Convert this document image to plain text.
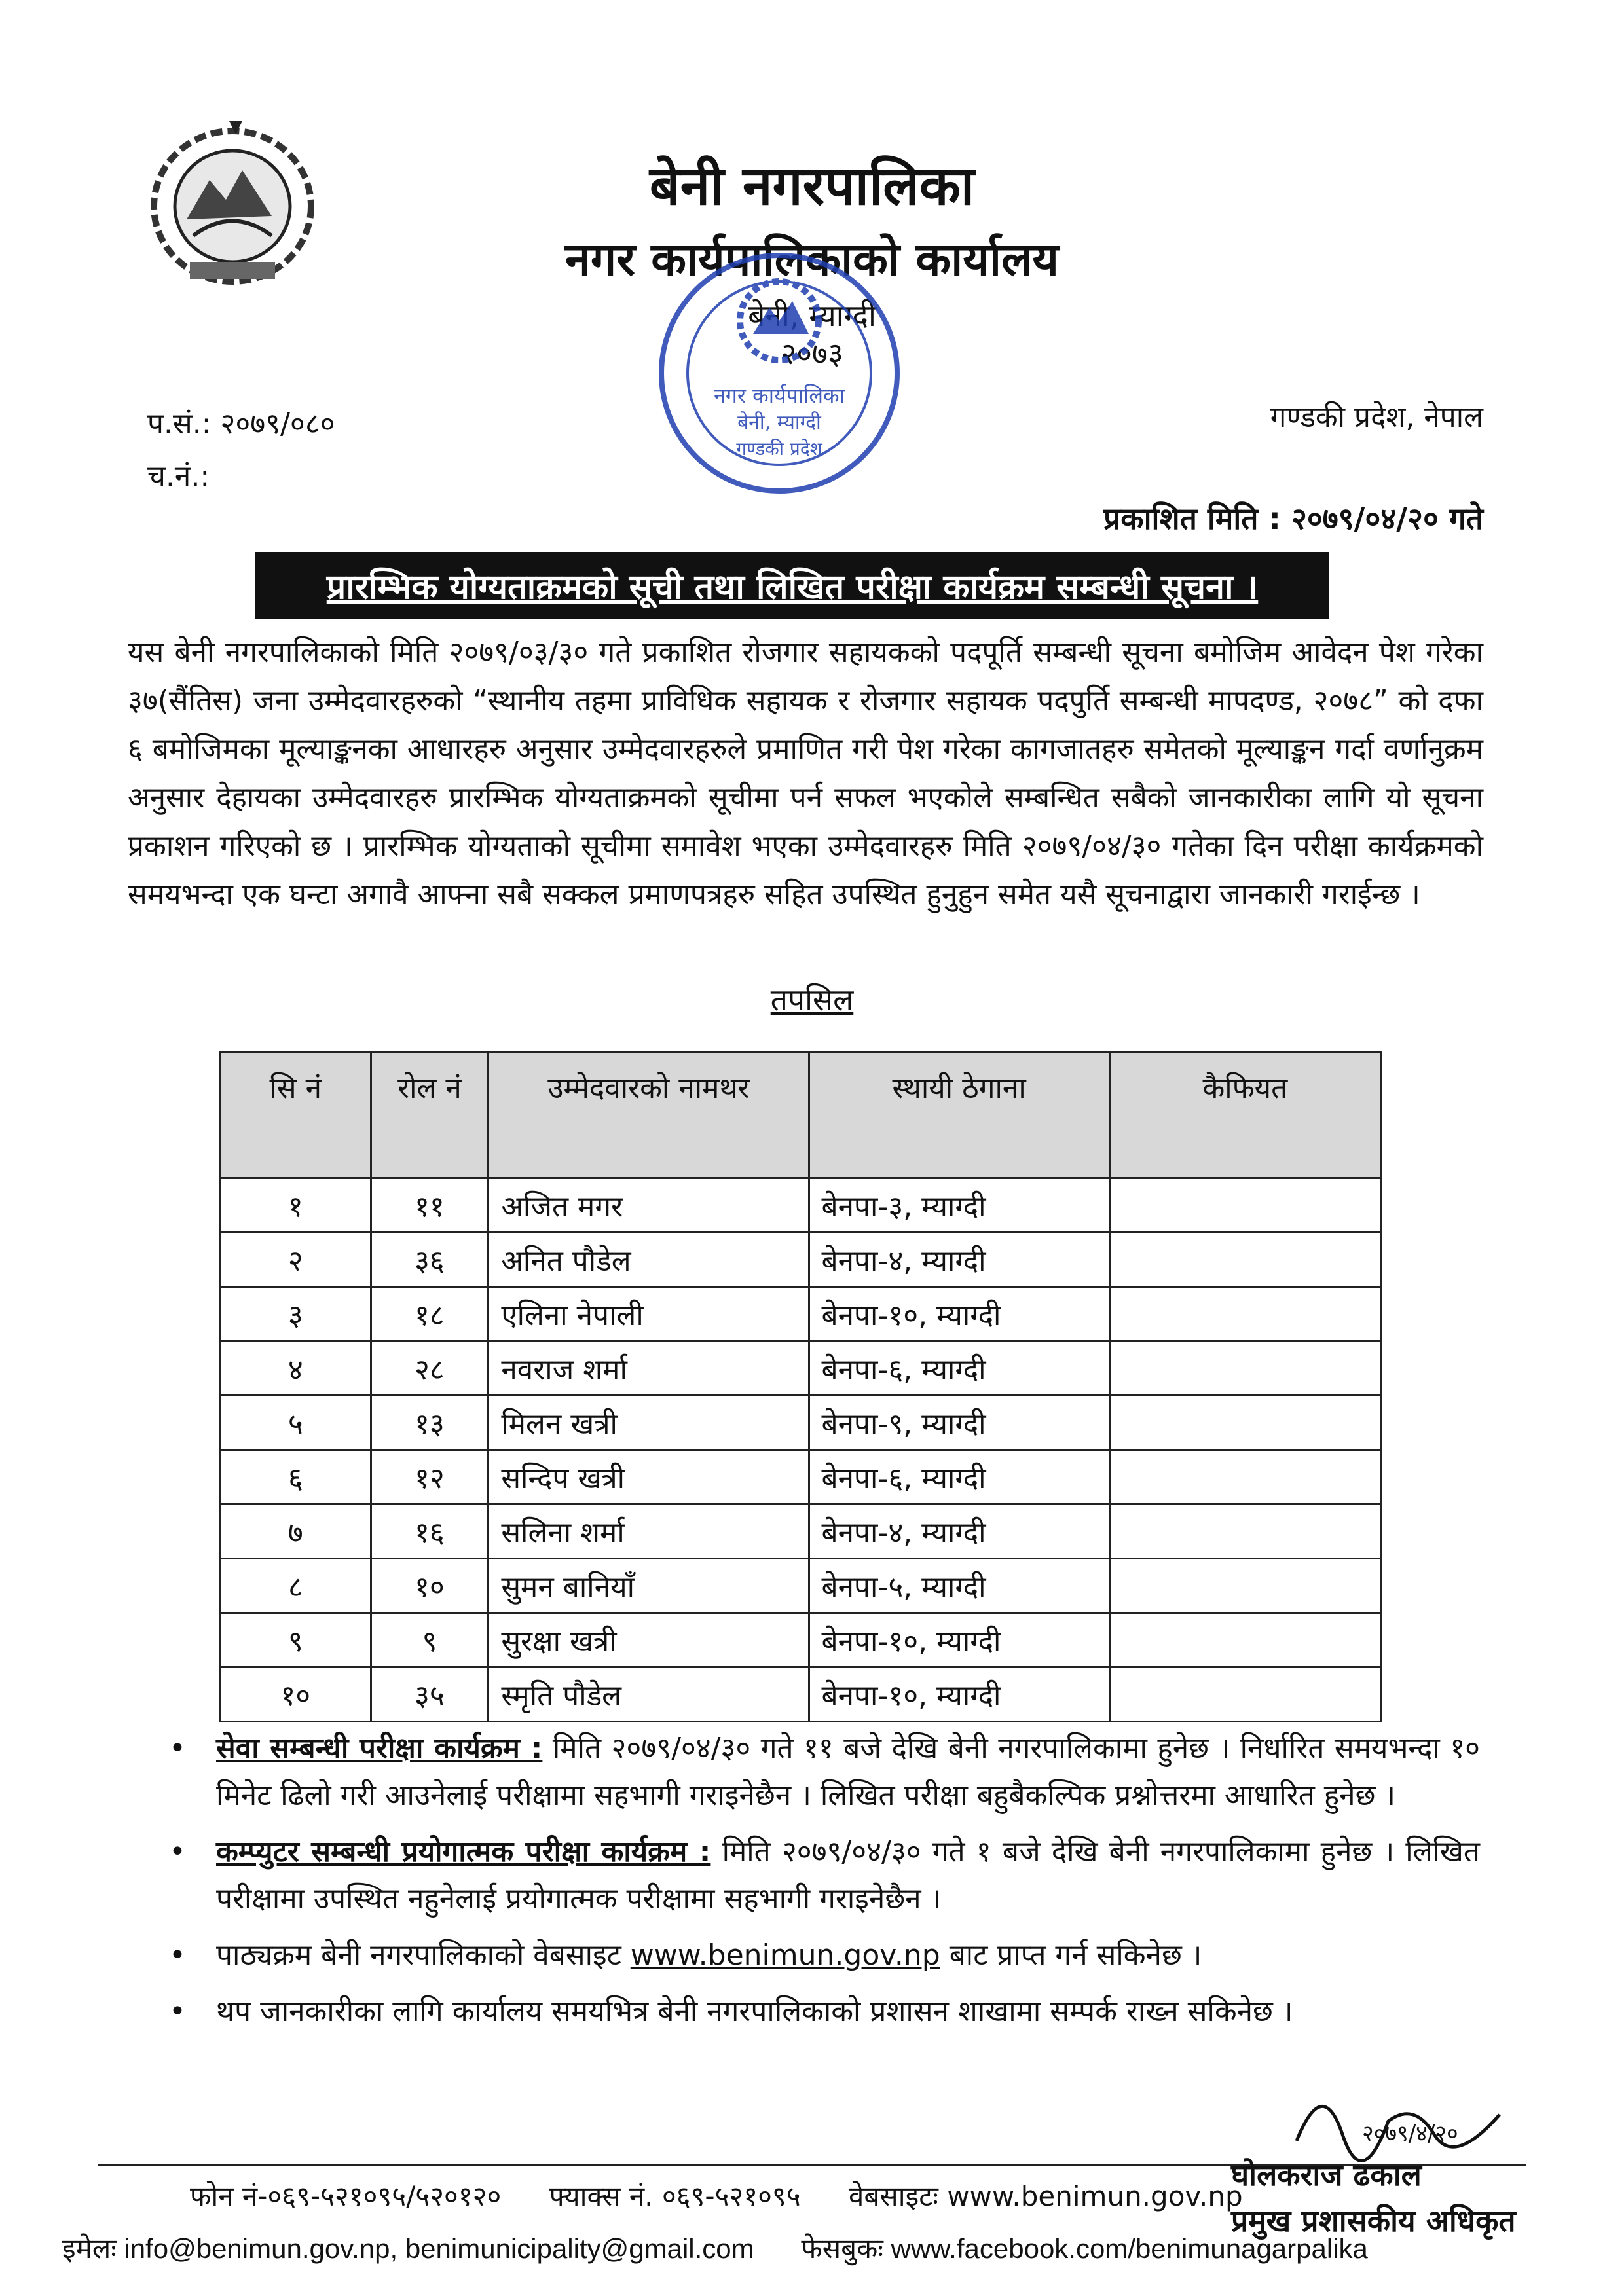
बेनी नगरपालिका
नगर कार्यपालिकाको कार्यालय
बेनी, म्याग्दी
२०७३
नगर कार्यपालिका
बेनी, म्याग्दी
गण्डकी प्रदेश
प.सं.: २०७९/०८०
च.नं.:
गण्डकी प्रदेश, नेपाल
प्रकाशित मिति : २०७९/०४/२० गते
प्रारम्भिक योग्यताक्रमको सूची तथा लिखित परीक्षा कार्यक्रम सम्बन्धी सूचना ।
यस बेनी नगरपालिकाको मिति २०७९/०३/३० गते प्रकाशित रोजगार सहायकको पदपूर्ति सम्बन्धी सूचना बमोजिम आवेदन पेश गरेका ३७(सैंतिस) जना उम्मेदवारहरुको “स्थानीय तहमा प्राविधिक सहायक र रोजगार सहायक पदपुर्ति सम्बन्धी मापदण्ड, २०७८” को दफा ६ बमोजिमका मूल्याङ्कनका आधारहरु अनुसार उम्मेदवारहरुले प्रमाणित गरी पेश गरेका कागजातहरु समेतको मूल्याङ्कन गर्दा वर्णानुक्रम अनुसार देहायका उम्मेदवारहरु प्रारम्भिक योग्यताक्रमको सूचीमा पर्न सफल भएकोले सम्बन्धित सबैको जानकारीका लागि यो सूचना प्रकाशन गरिएको छ । प्रारम्भिक योग्यताको सूचीमा समावेश भएका उम्मेदवारहरु मिति २०७९/०४/३० गतेका दिन परीक्षा कार्यक्रमको समयभन्दा एक घन्टा अगावै आफ्ना सबै सक्कल प्रमाणपत्रहरु सहित उपस्थित हुनुहुन समेत यसै सूचनाद्वारा जानकारी गराईन्छ ।
तपसिल
सि नं	रोल नं	उम्मेदवारको नामथर	स्थायी ठेगाना	कैफियत
१	११	अजित मगर	बेनपा-३, म्याग्दी	
२	३६	अनित पौडेल	बेनपा-४, म्याग्दी	
३	१८	एलिना नेपाली	बेनपा-१०, म्याग्दी	
४	२८	नवराज शर्मा	बेनपा-६, म्याग्दी	
५	१३	मिलन खत्री	बेनपा-९, म्याग्दी	
६	१२	सन्दिप खत्री	बेनपा-६, म्याग्दी	
७	१६	सलिना शर्मा	बेनपा-४, म्याग्दी	
८	१०	सुमन बानियाँ	बेनपा-५, म्याग्दी	
९	९	सुरक्षा खत्री	बेनपा-१०, म्याग्दी	
१०	३५	स्मृति पौडेल	बेनपा-१०, म्याग्दी	
• सेवा सम्बन्धी परीक्षा कार्यक्रम : मिति २०७९/०४/३० गते ११ बजे देखि बेनी नगरपालिकामा हुनेछ । निर्धारित समयभन्दा १० मिनेट ढिलो गरी आउनेलाई परीक्षामा सहभागी गराइनेछैन । लिखित परीक्षा बहुबैकल्पिक प्रश्नोत्तरमा आधारित हुनेछ ।
• कम्प्युटर सम्बन्धी प्रयोगात्मक परीक्षा कार्यक्रम : मिति २०७९/०४/३० गते १ बजे देखि बेनी नगरपालिकामा हुनेछ । लिखित परीक्षामा उपस्थित नहुनेलाई प्रयोगात्मक परीक्षामा सहभागी गराइनेछैन ।
• पाठ्यक्रम बेनी नगरपालिकाको वेबसाइट www.benimun.gov.np बाट प्राप्त गर्न सकिनेछ ।
• थप जानकारीका लागि कार्यालय समयभित्र बेनी नगरपालिकाको प्रशासन शाखामा सम्पर्क राख्न सकिनेछ ।
२०७९/४/२०
घोलकराज ढकाल
प्रमुख प्रशासकीय अधिकृत
फोन नं-०६९-५२१०९५/५२०१२० फ्याक्स नं. ०६९-५२१०९५ वेबसाइटः www.benimun.gov.np
इमेलः info@benimun.gov.np, benimunicipality@gmail.com फेसबुकः www.facebook.com/benimunagarpalika
